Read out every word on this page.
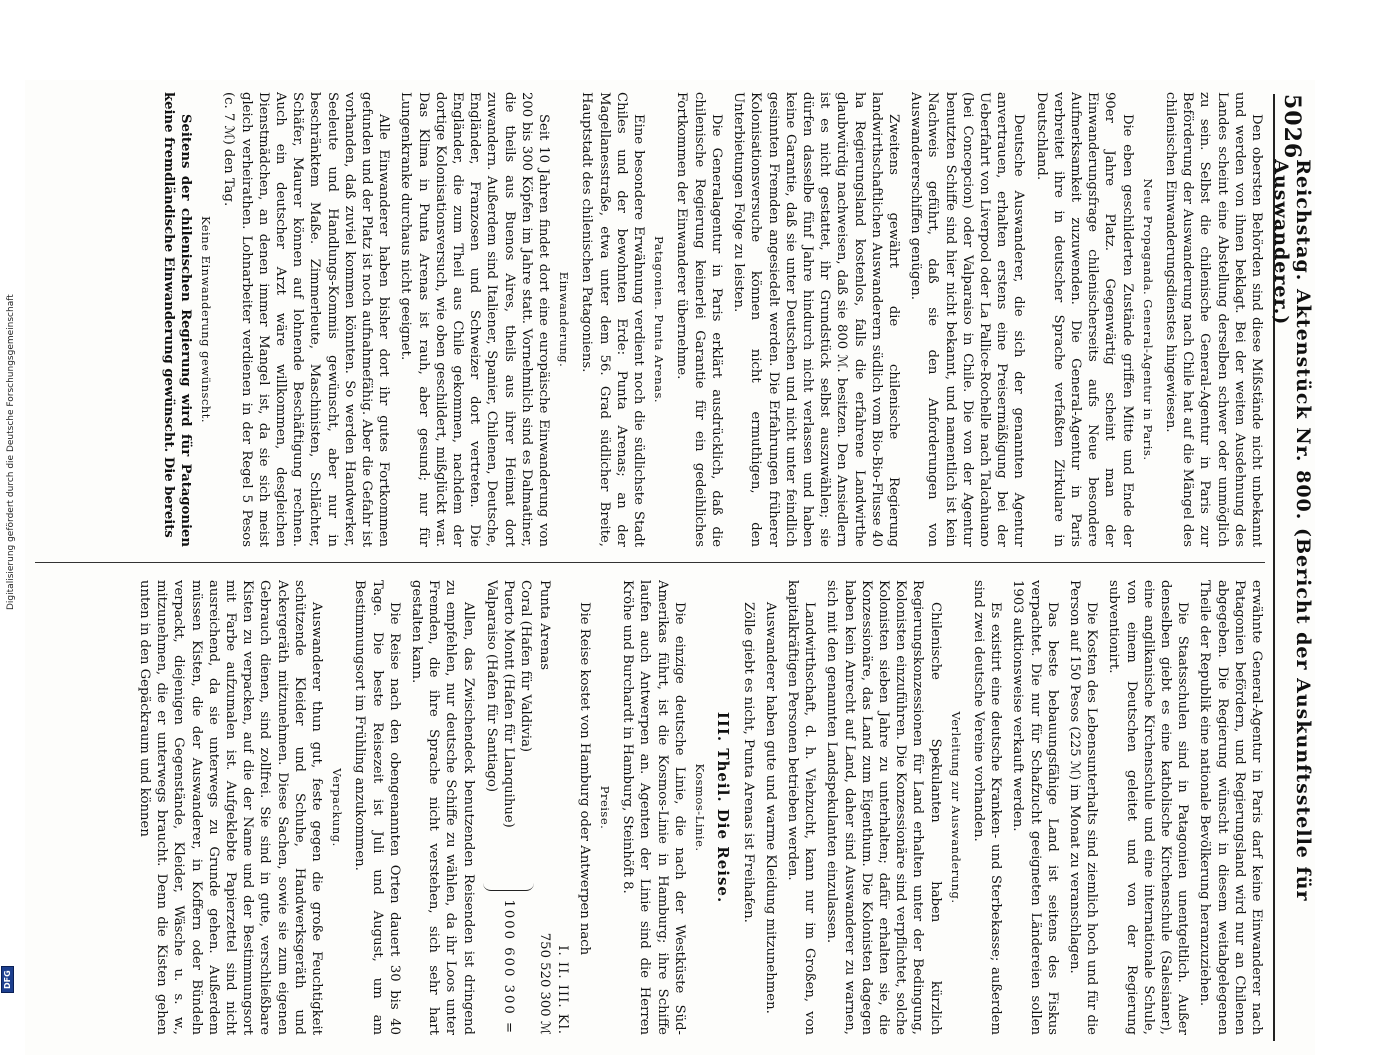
5026
Reichstag. Aktenstück Nr. 800. (Bericht der Auskunftsstelle für Auswanderer.)

Den obersten Behörden sind diese Mißstände nicht unbekannt und werden von ihnen beklagt. Bei der weiten Ausdehnung des Landes scheint eine Abstellung derselben schwer oder unmöglich zu sein. Selbst die chilenische General-Agentur in Paris zur Beförderung der Auswanderung nach Chile hat auf die Mängel des chilenischen Einwanderungsdienstes hingewiesen.

Neue Propaganda. General-Agentur in Paris.

Die eben geschilderten Zustände griffen Mitte und Ende der 90er Jahre Platz. Gegenwärtig scheint man der Einwanderungsfrage chilenischerseits aufs Neue besondere Aufmerksamkeit zuzuwenden. Die General-Agentur in Paris verbreitet ihre in deutscher Sprache verfaßten Zirkulare in Deutschland.

Deutsche Auswanderer, die sich der genannten Agentur anvertrauen, erhalten erstens eine Preisermäßigung bei der Ueberfahrt von Liverpool oder La Pallice-Rochelle nach Talcahuano (bei Concepcion) oder Valparaiso in Chile. Die von der Agentur benutzten Schiffe sind hier nicht bekannt, und namentlich ist kein Nachweis geführt, daß sie den Anforderungen von Auswandererschiffen genügen.

Zweitens gewährt die chilenische Regierung landwirthschaftlichen Auswanderern südlich vom Bio-Bio-Flusse 40 ha Regierungsland kostenlos, falls die erfahrene Landwirthe glaubwürdig nachweisen, daß sie 800 ℳ. besitzen. Den Ansiedlern ist es nicht gestattet, ihr Grundstück selbst auszuwählen; sie dürfen dasselbe fünf Jahre hindurch nicht verlassen und haben keine Garantie, daß sie unter Deutschen und nicht unter feindlich gesinnten Fremden angesiedelt werden. Die Erfahrungen früherer Kolonisationsversuche können nicht ermuthigen, den Unterbietungen Folge zu leisten.

Die Generalagentur in Paris erklärt ausdrücklich, daß die chilenische Regierung keinerlei Garantie für ein gedeihliches Fortkommen der Einwanderer übernehme.

Patagonien. Punta Arenas.

Eine besondere Erwähnung verdient noch die südlichste Stadt Chiles und der bewohnten Erde: Punta Arenas; an der Magellanesstraße, etwa unter dem 56. Grad südlicher Breite, Hauptstadt des chilenischen Patagoniens.

Einwanderung.

Seit 10 Jahren findet dort eine europäische Einwanderung von 200 bis 300 Köpfen im Jahre statt. Vornehmlich sind es Dalmatiner, die theils aus Buenos Aires, theils aus ihrer Heimat dort zuwandern. Außerdem sind Italiener, Spanier, Chilenen, Deutsche, Engländer, Franzosen und Schweizer dort vertreten. Die Engländer, die zum Theil aus Chile gekommen, nachdem der dortige Kolonisationsversuch, wie oben geschildert, mißglückt war. Das Klima in Punta Arenas ist rauh, aber gesund; nur für Lungenkranke durchaus nicht geeignet.

Alle Einwanderer haben bisher dort ihr gutes Fortkommen gefunden und der Platz ist noch aufnahmefähig. Aber die Gefahr ist vorhanden, daß zuviel kommen könnten. So werden Handwerker, Seeleute und Handlungs-Kommis gewünscht, aber nur in beschränktem Maße. Zimmerleute, Maschinisten, Schlächter, Schäfer, Maurer können auf lohnende Beschäftigung rechnen. Auch ein deutscher Arzt wäre willkommen, desgleichen Dienstmädchen, an denen immer Mangel ist, da sie sich meist gleich verheirathen. Lohnarbeiter verdienen in der Regel 5 Pesos (c. 7 ℳ) den Tag.

Keine Einwanderung gewünscht.

Seitens der chilenischen Regierung wird für Patagonien keine fremdländische Einwanderung gewünscht. Die bereits

erwähnte General-Agentur in Paris darf keine Einwanderer nach Patagonien befördern, und Regierungsland wird nur an Chilenen abgegeben. Die Regierung wünscht in diesem weitabgelegenen Theile der Republik eine nationale Bevölkerung heranzuziehen.

Die Staatsschulen sind in Patagonien unentgeltlich. Außer denselben giebt es eine katholische Kirchenschule (Salesianer), eine anglikanische Kirchenschule und eine internationale Schule, von einem Deutschen geleitet und von der Regierung subventionirt.

Die Kosten des Lebensunterhalts sind ziemlich hoch und für die Person auf 150 Pesos (225 ℳ) im Monat zu veranschlagen.

Das beste bebauungsfähige Land ist seitens des Fiskus verpachtet. Die nur für Schafzucht geeigneten Ländereien sollen 1903 auktionsweise verkauft werden.

Es existirt eine deutsche Kranken- und Sterbekasse; außerdem sind zwei deutsche Vereine vorhanden.

Verleitung zur Auswanderung.

Chilenische Spekulanten haben kürzlich Regierungskonzessionen für Land erhalten unter der Bedingung, Kolonisten einzuführen. Die Konzessionäre sind verpflichtet, solche Kolonisten sieben Jahre zu unterhalten; dafür erhalten sie, die Konzessionäre, das Land zum Eigenthum. Die Kolonisten dagegen haben kein Anrecht auf Land, daher sind Auswanderer zu warnen, sich mit den genannten Landspekulanten einzulassen.

Landwirthschaft, d. h. Viehzucht, kann nur im Großen, von kapitalkräftigen Personen betrieben werden.

Auswanderer haben gute und warme Kleidung mitzunehmen.

Zölle giebt es nicht, Punta Arenas ist Freihafen.

III. Theil. Die Reise.
Kosmos-Linie.

Die einzige deutsche Linie, die nach der Westküste Süd-Amerikas führt, ist die Kosmos-Linie in Hamburg; ihre Schiffe laufen auch Antwerpen an. Agenten der Linie sind die Herren Kröhe und Burchardt in Hamburg, Steinhöft 8.

Preise.

Die Reise kostet von Hamburg oder Antwerpen nach

I. II. III. Kl.
Punta Arenas
750 520 300 ℳ
Coral (Hafen für Valdivia)
Puerto Montt (Hafen für Llanquihue)
Valparaiso (Hafen für Santiago)
1000 600 300 =

Allen, das Zwischendeck benutzenden Reisenden ist dringend zu empfehlen, nur deutsche Schiffe zu wählen, da ihr Loos unter Fremden, die ihre Sprache nicht verstehen, sich sehr hart gestalten kann.

Die Reise nach den obengenannten Orten dauert 30 bis 40 Tage. Die beste Reisezeit ist Juli und August, um am Bestimmungsort im Frühling anzukommen.

Verpackung.

Auswanderer thun gut, feste gegen die große Feuchtigkeit schützende Kleider und Schuhe, Handwerksgeräth und Ackergeräth mitzunehmen. Diese Sachen, sowie sie zum eigenen Gebrauch dienen, sind zollfrei. Sie sind in gute, verschließbare Kisten zu verpacken, auf die der Name und der Bestimmungsort mit Farbe aufzumalen ist. Aufgeklebte Papierzettel sind nicht ausreichend, da sie unterwegs zu Grunde gehen. Außerdem müssen Kisten, die der Auswanderer, in Koffern oder Bündeln verpackt, diejenigen Gegenstände, Kleider, Wäsche u. s. w., mitzunehmen, die er unterwegs braucht. Denn die Kisten gehen unten in den Gepäckraum und können

Digitalisierung gefördert durch die Deutsche Forschungsgemeinschaft
DFG
